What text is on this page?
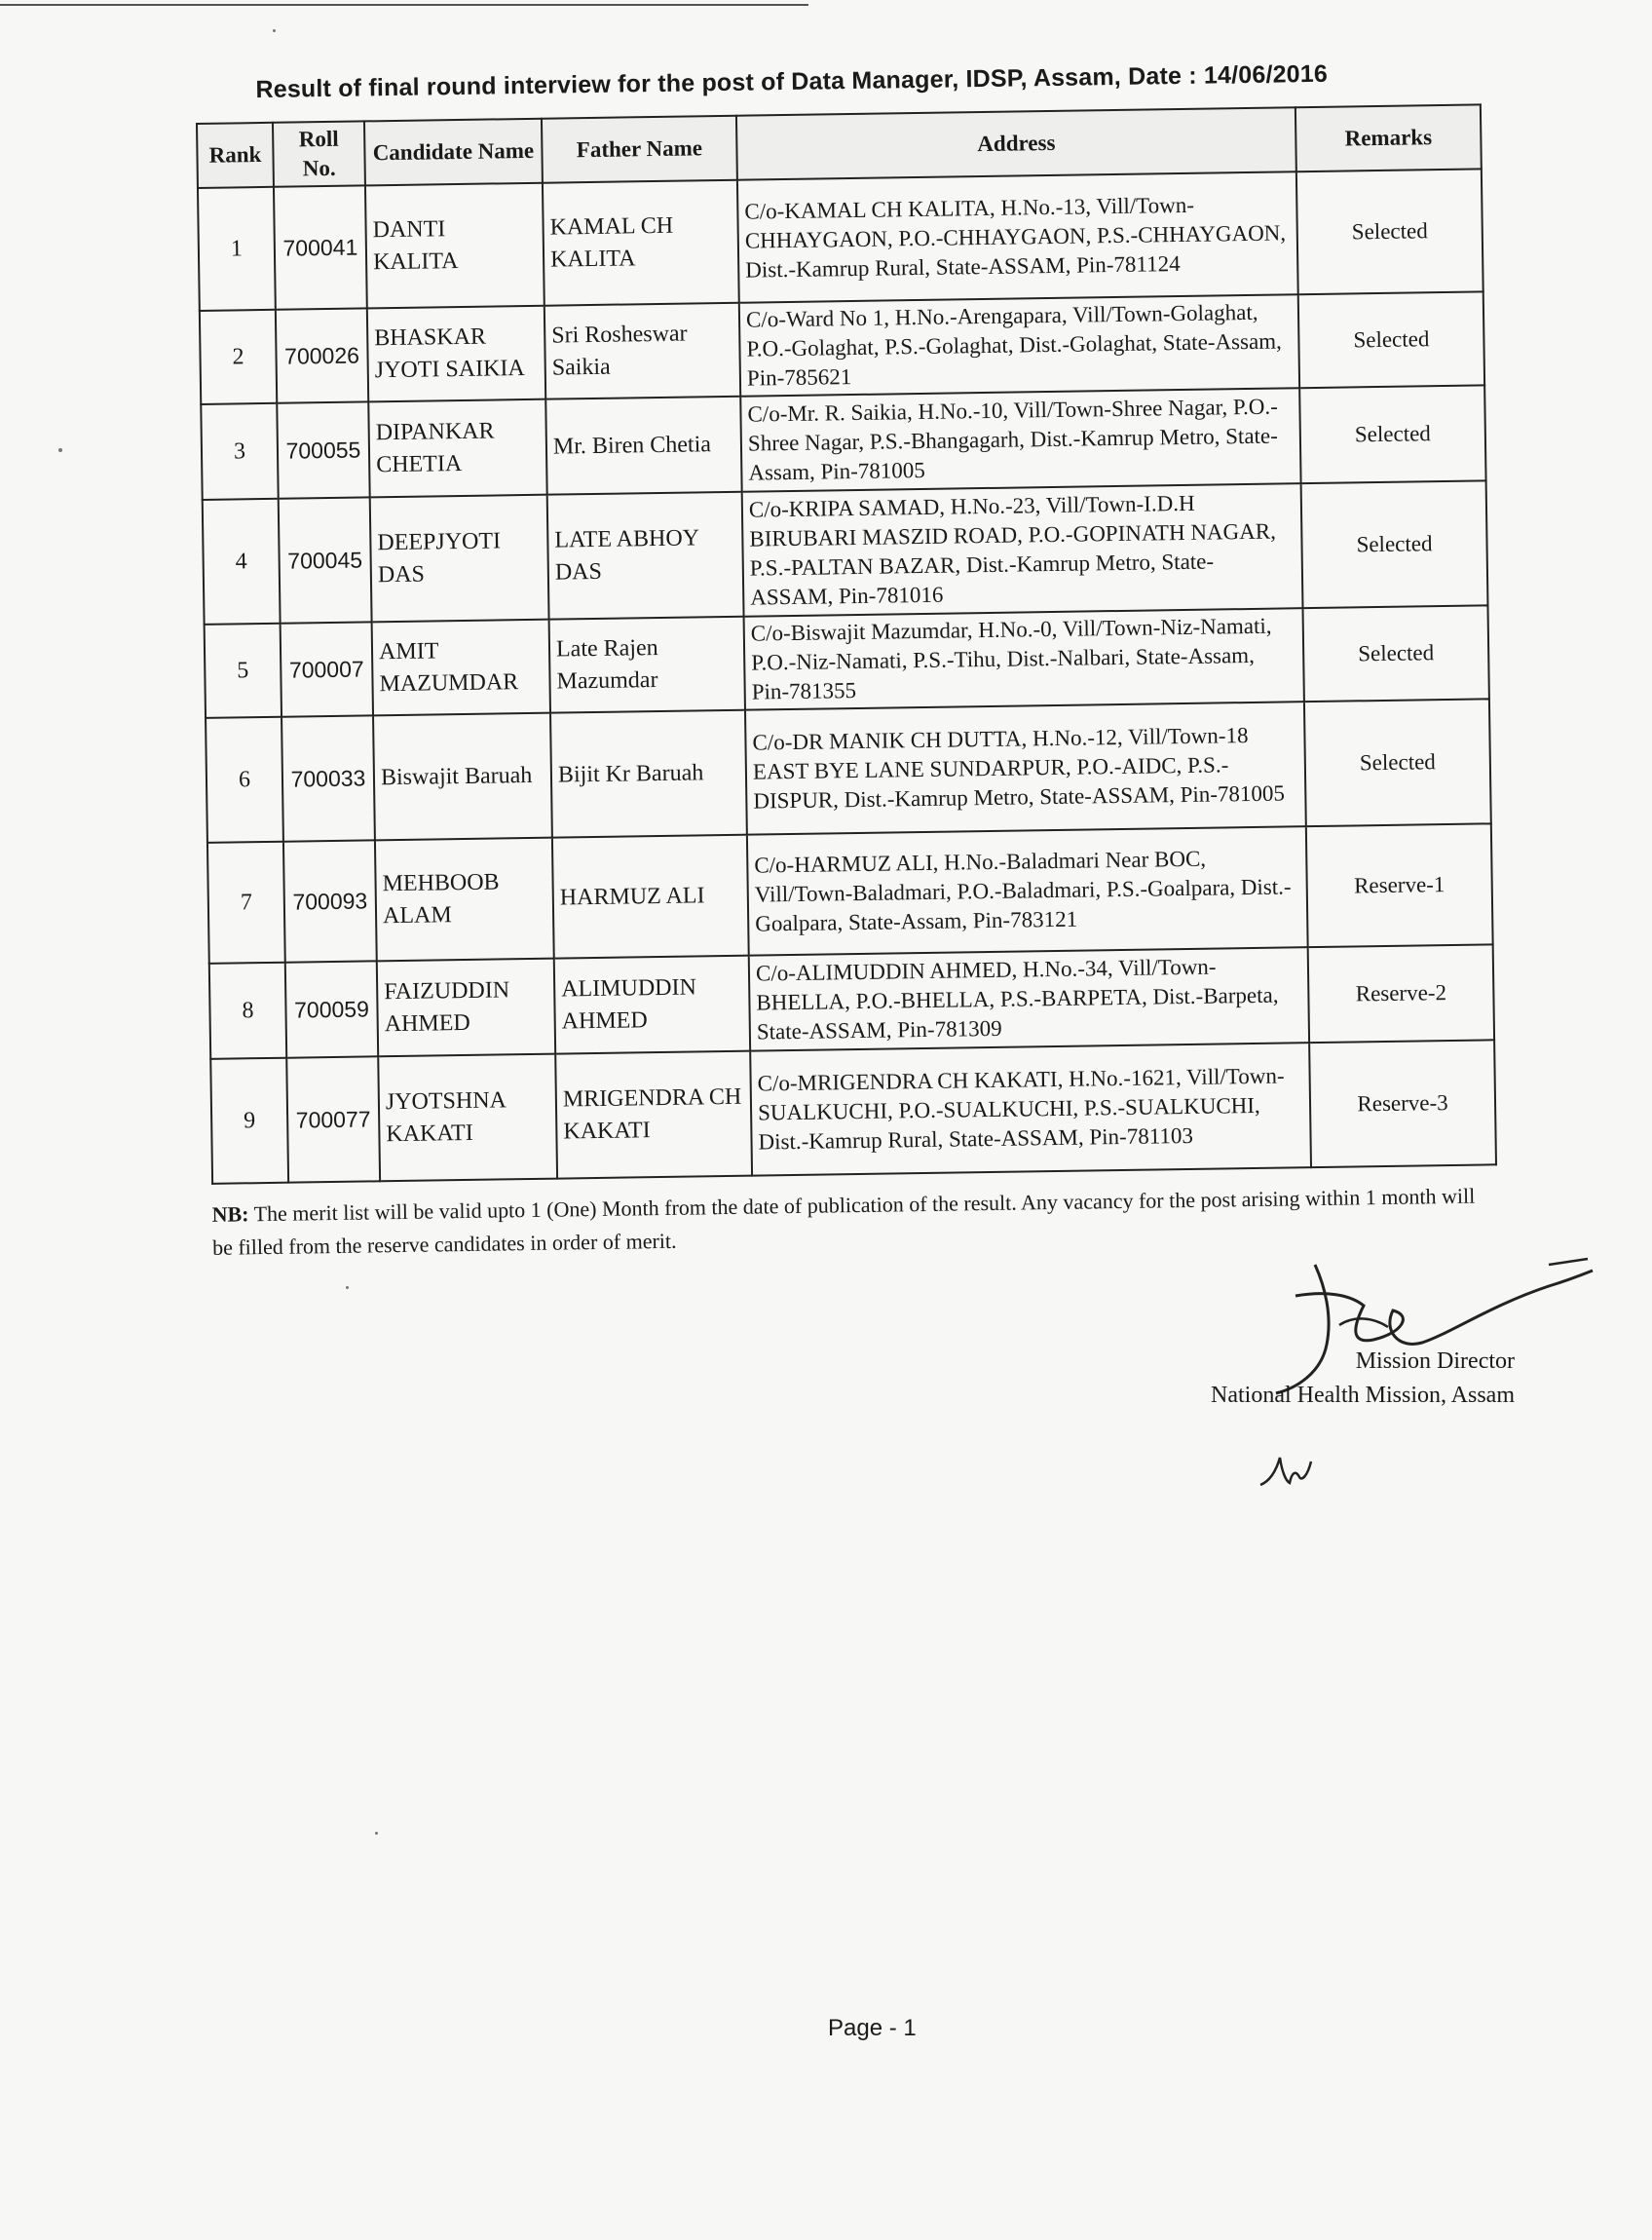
Result of final round interview for the post of Data Manager, IDSP, Assam, Date : 14/06/2016
Rank	Roll No.	Candidate Name	Father Name	Address	Remarks
1	700041	DANTI KALITA	KAMAL CH KALITA	C/o-KAMAL CH KALITA, H.No.-13, Vill/Town-CHHAYGAON, P.O.-CHHAYGAON, P.S.-CHHAYGAON, Dist.-Kamrup Rural, State-ASSAM, Pin-781124	Selected
2	700026	BHASKAR JYOTI SAIKIA	Sri Rosheswar Saikia	C/o-Ward No 1, H.No.-Arengapara, Vill/Town-Golaghat, P.O.-Golaghat, P.S.-Golaghat, Dist.-Golaghat, State-Assam, Pin-785621	Selected
3	700055	DIPANKAR CHETIA	Mr. Biren Chetia	C/o-Mr. R. Saikia, H.No.-10, Vill/Town-Shree Nagar, P.O.-Shree Nagar, P.S.-Bhangagarh, Dist.-Kamrup Metro, State-Assam, Pin-781005	Selected
4	700045	DEEPJYOTI DAS	LATE ABHOY DAS	C/o-KRIPA SAMAD, H.No.-23, Vill/Town-I.D.H BIRUBARI MASZID ROAD, P.O.-GOPINATH NAGAR, P.S.-PALTAN BAZAR, Dist.-Kamrup Metro, State-ASSAM, Pin-781016	Selected
5	700007	AMIT MAZUMDAR	Late Rajen Mazumdar	C/o-Biswajit Mazumdar, H.No.-0, Vill/Town-Niz-Namati, P.O.-Niz-Namati, P.S.-Tihu, Dist.-Nalbari, State-Assam, Pin-781355	Selected
6	700033	Biswajit Baruah	Bijit Kr Baruah	C/o-DR MANIK CH DUTTA, H.No.-12, Vill/Town-18 EAST BYE LANE SUNDARPUR, P.O.-AIDC, P.S.-DISPUR, Dist.-Kamrup Metro, State-ASSAM, Pin-781005	Selected
7	700093	MEHBOOB ALAM	HARMUZ ALI	C/o-HARMUZ ALI, H.No.-Baladmari Near BOC, Vill/Town-Baladmari, P.O.-Baladmari, P.S.-Goalpara, Dist.-Goalpara, State-Assam, Pin-783121	Reserve-1
8	700059	FAIZUDDIN AHMED	ALIMUDDIN AHMED	C/o-ALIMUDDIN AHMED, H.No.-34, Vill/Town-BHELLA, P.O.-BHELLA, P.S.-BARPETA, Dist.-Barpeta, State-ASSAM, Pin-781309	Reserve-2
9	700077	JYOTSHNA KAKATI	MRIGENDRA CH KAKATI	C/o-MRIGENDRA CH KAKATI, H.No.-1621, Vill/Town-SUALKUCHI, P.O.-SUALKUCHI, P.S.-SUALKUCHI, Dist.-Kamrup Rural, State-ASSAM, Pin-781103	Reserve-3
NB: The merit list will be valid upto 1 (One) Month from the date of publication of the result. Any vacancy for the post arising within 1 month will be filled from the reserve candidates in order of merit.
Mission Director
National Health Mission, Assam
Page - 1
